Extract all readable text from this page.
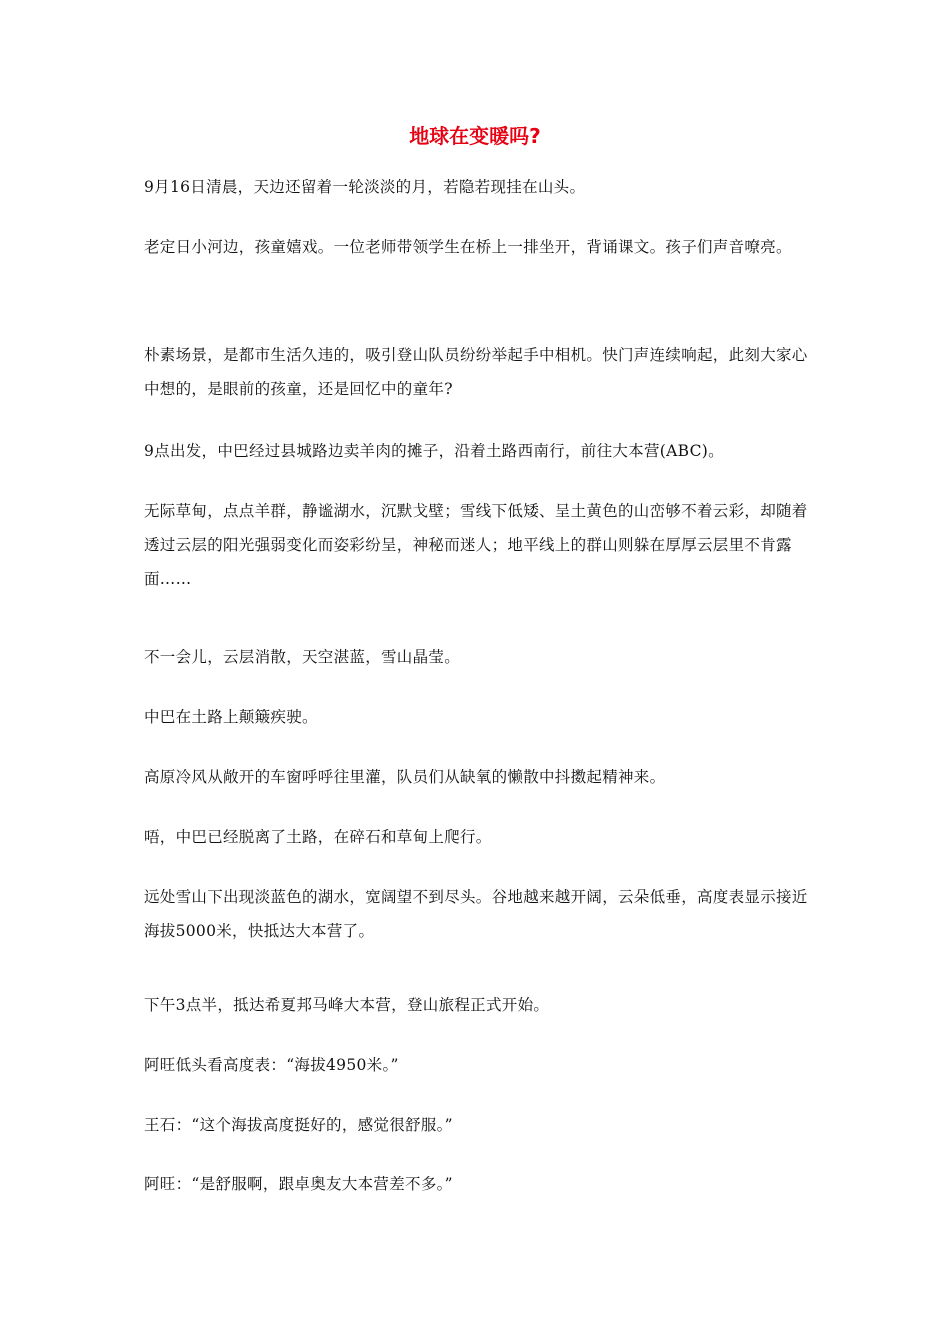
地球在变暖吗?

9月16日清晨，天边还留着一轮淡淡的月，若隐若现挂在山头。

老定日小河边，孩童嬉戏。一位老师带领学生在桥上一排坐开，背诵课文。孩子们声音嘹亮。

朴素场景，是都市生活久违的，吸引登山队员纷纷举起手中相机。快门声连续响起，此刻大家心中想的，是眼前的孩童，还是回忆中的童年?

9点出发，中巴经过县城路边卖羊肉的摊子，沿着土路西南行，前往大本营(ABC)。

无际草甸，点点羊群，静谧湖水，沉默戈壁；雪线下低矮、呈土黄色的山峦够不着云彩，却随着透过云层的阳光强弱变化而姿彩纷呈，神秘而迷人；地平线上的群山则躲在厚厚云层里不肯露面……

不一会儿，云层消散，天空湛蓝，雪山晶莹。

中巴在土路上颠簸疾驶。

高原冷风从敞开的车窗呼呼往里灌，队员们从缺氧的懒散中抖擞起精神来。

唔，中巴已经脱离了土路，在碎石和草甸上爬行。

远处雪山下出现淡蓝色的湖水，宽阔望不到尽头。谷地越来越开阔，云朵低垂，高度表显示接近海拔5000米，快抵达大本营了。

下午3点半，抵达希夏邦马峰大本营，登山旅程正式开始。

阿旺低头看高度表：“海拔4950米。”

王石：“这个海拔高度挺好的，感觉很舒服。”

阿旺：“是舒服啊，跟卓奥友大本营差不多。”
